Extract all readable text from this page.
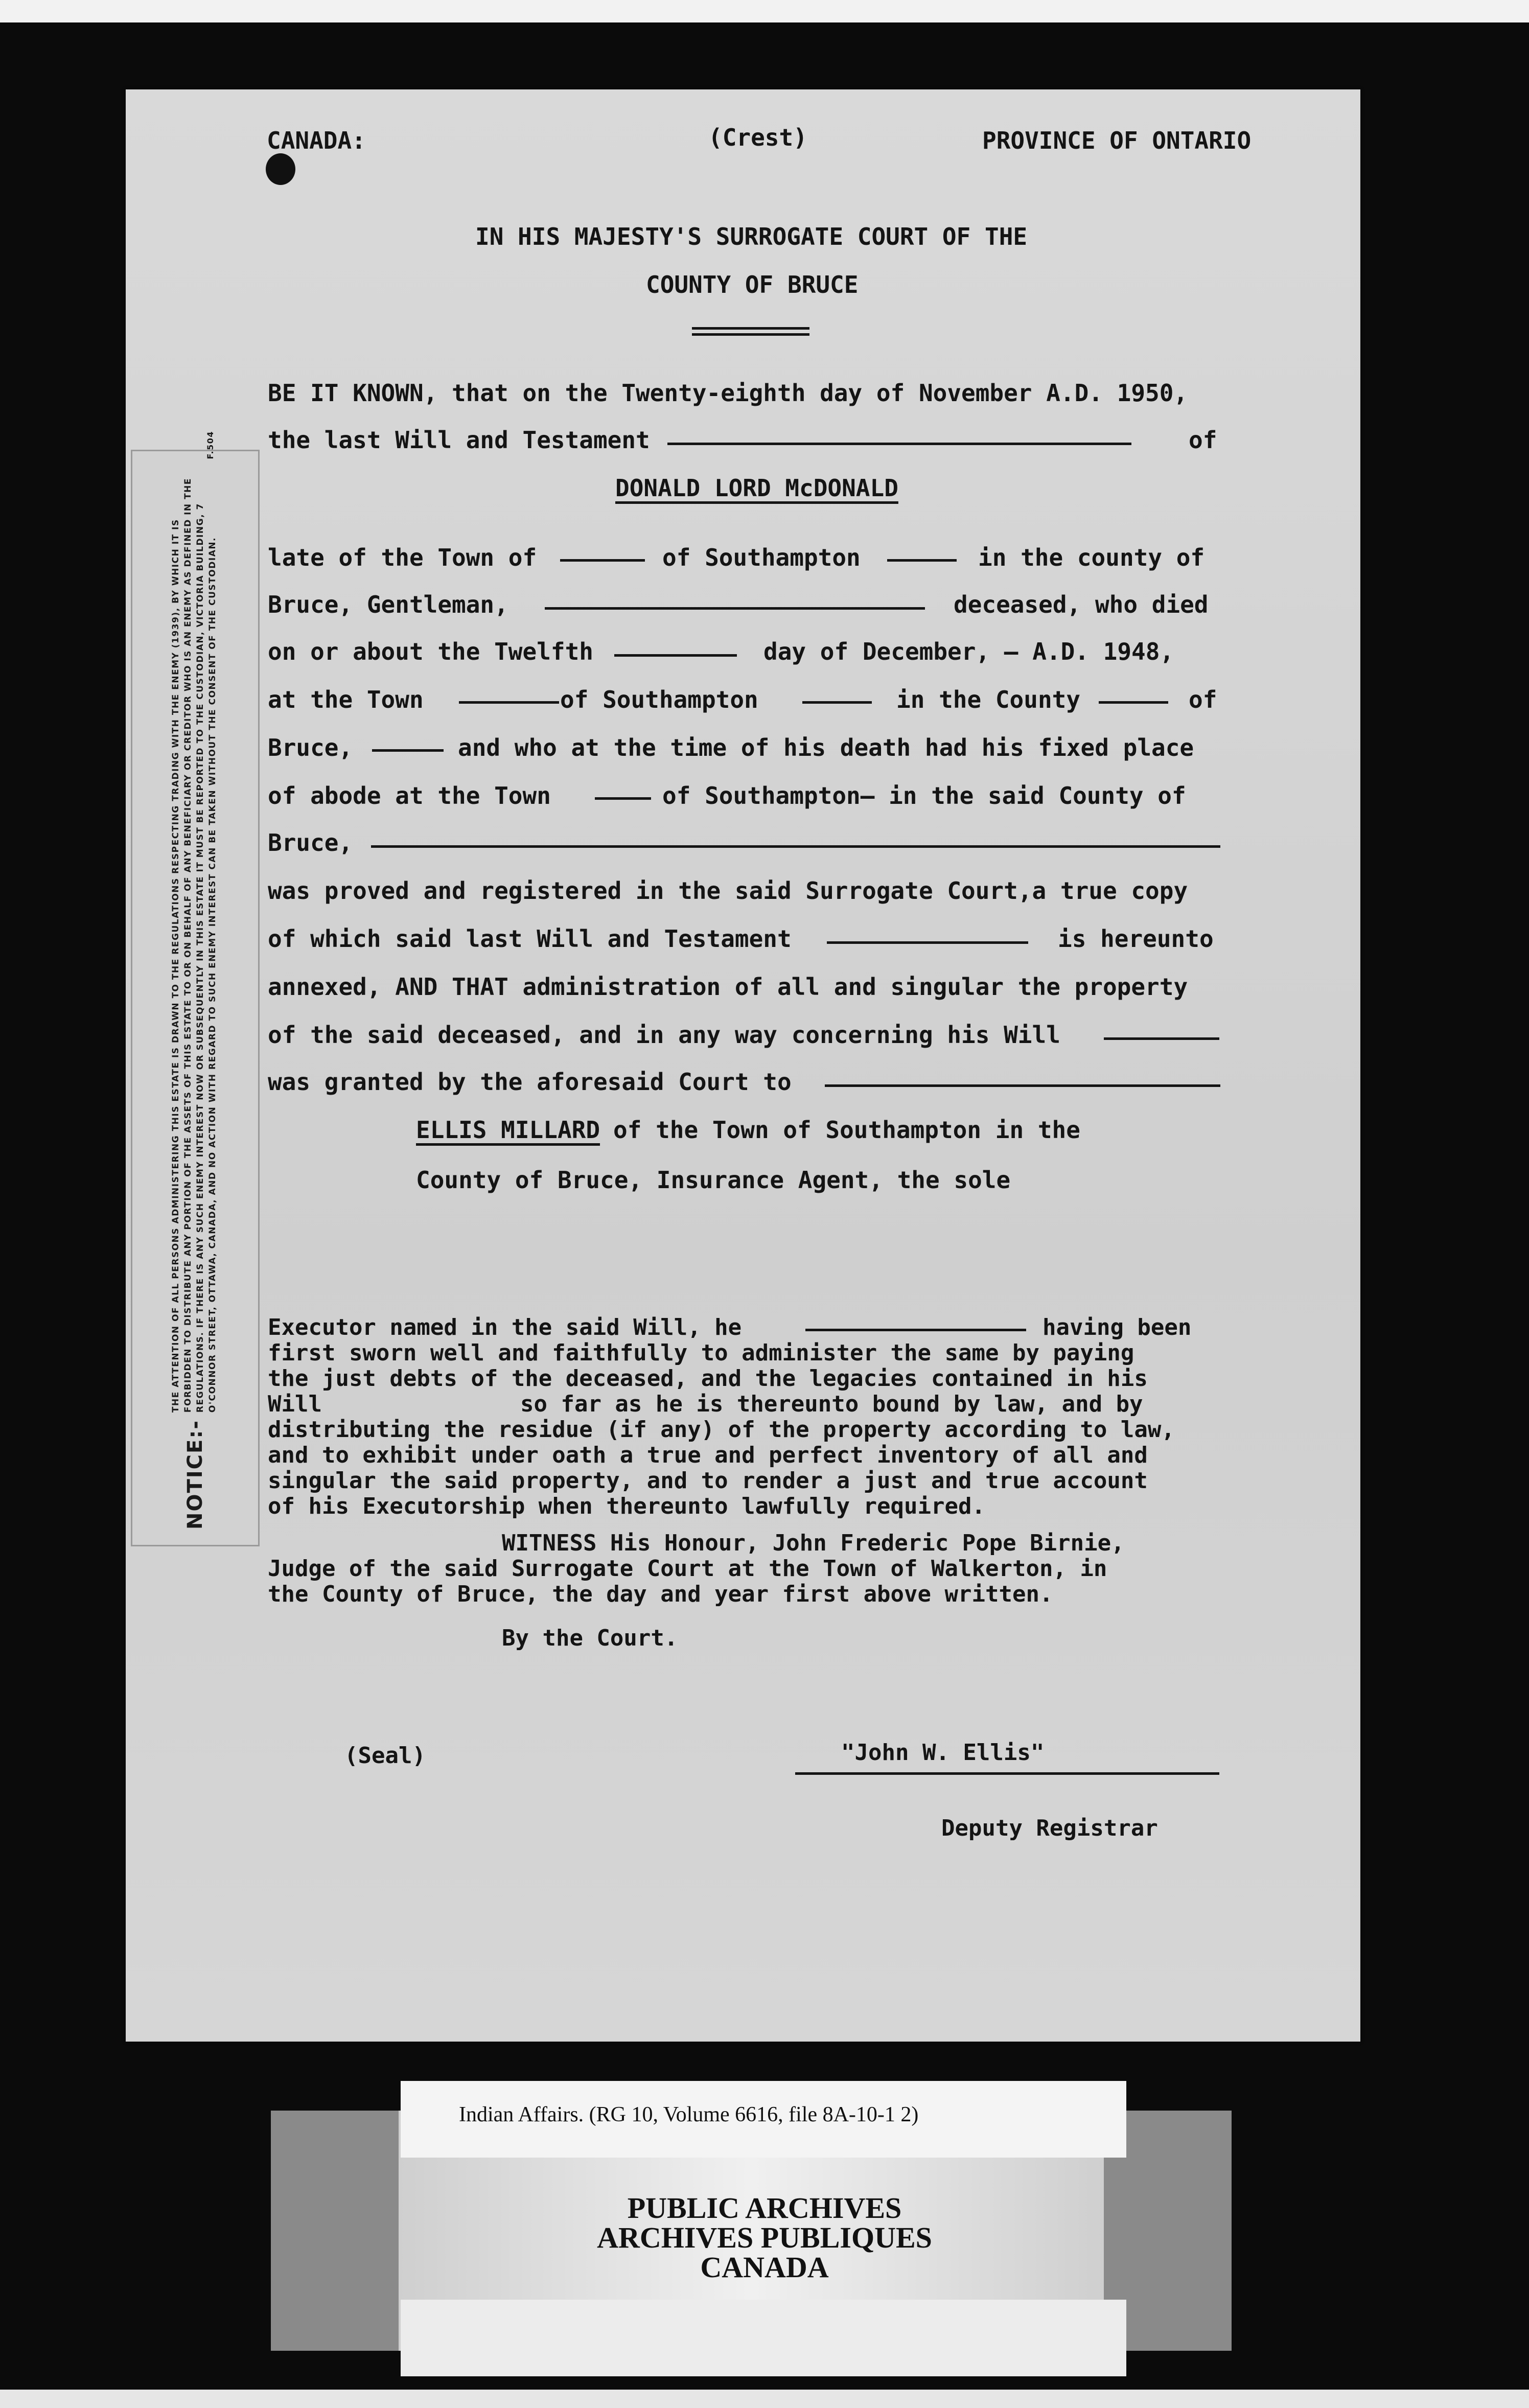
CANADA:	(Crest)	PROVINCE OF ONTARIO
IN HIS MAJESTY'S SURROGATE COURT OF THE
COUNTY OF BRUCE
BE IT KNOWN, that on the Twenty-eighth day of November A.D. 1950,
the last Will and Testament	of
DONALD LORD McDONALD
late of the Town of	of Southampton	in the county of
Bruce, Gentleman,	deceased, who died
on or about the Twelfth	day of December, — A.D. 1948,
at the Town	of Southampton	in the County	of
Bruce,	and who at the time of his death had his fixed place
of abode at the Town	of Southampton— in the said County of
Bruce,
was proved and registered in the said Surrogate Court,a true copy
of which said last Will and Testament	is hereunto
annexed, AND THAT administration of all and singular the property
of the said deceased, and in any way concerning his Will
was granted by the aforesaid Court to
ELLIS MILLARD of the Town of Southampton in the
County of Bruce, Insurance Agent, the sole
Executor named in the said Will, he	having been
first sworn well and faithfully to administer the same by paying
the just debts of the deceased, and the legacies contained in his
Will	so far as he is thereunto bound by law, and by
distributing the residue (if any) of the property according to law,
and to exhibit under oath a true and perfect inventory of all and
singular the said property, and to render a just and true account
of his Executorship when thereunto lawfully required.
WITNESS His Honour, John Frederic Pope Birnie,
Judge of the said Surrogate Court at the Town of Walkerton, in
the County of Bruce, the day and year first above written.
By the Court.
(Seal)	"John W. Ellis"
Deputy Registrar
NOTICE:-
THE ATTENTION OF ALL PERSONS ADMINISTERING THIS ESTATE IS DRAWN TO THE REGULATIONS RESPECTING TRADING WITH THE ENEMY (1939), BY WHICH IT IS FORBIDDEN TO DISTRIBUTE ANY PORTION OF THE ASSETS OF THIS ESTATE TO OR ON BEHALF OF ANY BENEFICIARY OR CREDITOR WHO IS AN ENEMY AS DEFINED IN THE REGULATIONS. IF THERE IS ANY SUCH ENEMY INTEREST NOW OR SUBSEQUENTLY IN THIS ESTATE IT MUST BE REPORTED TO THE CUSTODIAN, VICTORIA BUILDING, 7 O'CONNOR STREET, OTTAWA, CANADA, AND NO ACTION WITH REGARD TO SUCH ENEMY INTEREST CAN BE TAKEN WITHOUT THE CONSENT OF THE CUSTODIAN.
F.504
Indian Affairs. (RG 10, Volume 6616, file 8A-10-1 2)
PUBLIC ARCHIVES
ARCHIVES PUBLIQUES
CANADA
